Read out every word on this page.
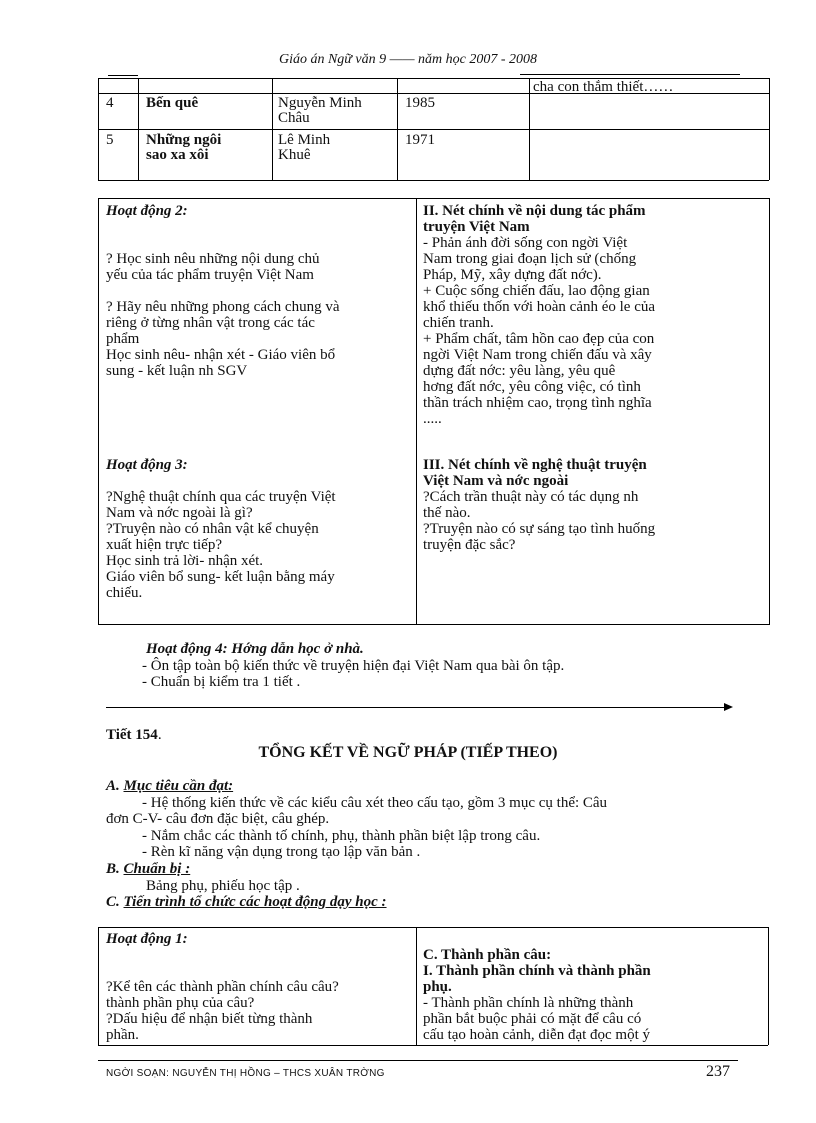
Giáo án Ngữ văn 9 —— năm học 2007 - 2008
cha con thắm thiết……
4 Bến quê	Nguyễn Minh
Châu
1985
5 Những ngôi
sao xa xôi
Lê Minh
Khuê
1971
Hoạt động 2:
? Học sinh nêu những nội dung chủ
yếu của tác phẩm truyện Việt Nam
? Hãy nêu những phong cách chung và
riêng ở từng nhân vật trong các tác
phẩm
Học sinh nêu- nhận xét - Giáo viên bổ
sung - kết luận nh SGV
Hoạt động 3:
?Nghệ thuật chính qua các truyện Việt
Nam và nớc ngoài là gì?
?Truyện nào có nhân vật kể chuyện
xuất hiện trực tiếp?
Học sinh trả lời- nhận xét.
Giáo viên bổ sung- kết luận bằng máy
chiếu.
II. Nét chính về nội dung tác phẩm
truyện Việt Nam
- Phản ánh đời sống con ngời Việt
Nam trong giai đoạn lịch sử (chống
Pháp, Mỹ, xây dựng đất nớc).
+ Cuộc sống chiến đấu, lao động gian
khổ thiếu thốn với hoàn cảnh éo le của
chiến tranh.
+ Phẩm chất, tâm hồn cao đẹp của con
ngời Việt Nam trong chiến đấu và xây
dựng đất nớc: yêu làng, yêu quê
hơng đất nớc, yêu công việc, có tình
thần trách nhiệm cao, trọng tình nghĩa
.....
III. Nét chính về nghệ thuật truyện
Việt Nam và nớc ngoài
?Cách trần thuật này có tác dụng nh
thế nào.
?Truyện nào có sự sáng tạo tình huống
truyện đặc sắc?
Hoạt động 4: Hớng dẫn học ở nhà.
- Ôn tập toàn bộ kiến thức về truyện hiện đại Việt Nam qua bài ôn tập.
- Chuẩn bị kiểm tra 1 tiết .
Tiết 154.
TỔNG KẾT VỀ NGỮ PHÁP (TIẾP THEO)
A. Mục tiêu cần đạt:
- Hệ thống kiến thức về các kiểu câu xét theo cấu tạo, gồm 3 mục cụ thể: Câu
đơn C-V- câu đơn đặc biệt, câu ghép.
- Nắm chắc các thành tố chính, phụ, thành phần biệt lập trong câu.
- Rèn kĩ năng vận dụng trong tạo lập văn bản .
B. Chuẩn bị :
Bảng phụ, phiếu học tập .
C. Tiến trình tổ chức các hoạt động dạy học :
Hoạt động 1:
?Kể tên các thành phần chính câu câu?
thành phần phụ của câu?
?Dấu hiệu để nhận biết từng thành
phần.
C. Thành phần câu:
I. Thành phần chính và thành phần
phụ.
- Thành phần chính là những thành
phần bắt buộc phải có mặt để câu có
cấu tạo hoàn cảnh, diễn đạt đọc một ý
NGỜI SOẠN: NGUYỄN THỊ HỒNG – THCS XUÂN TRỜNG	237
